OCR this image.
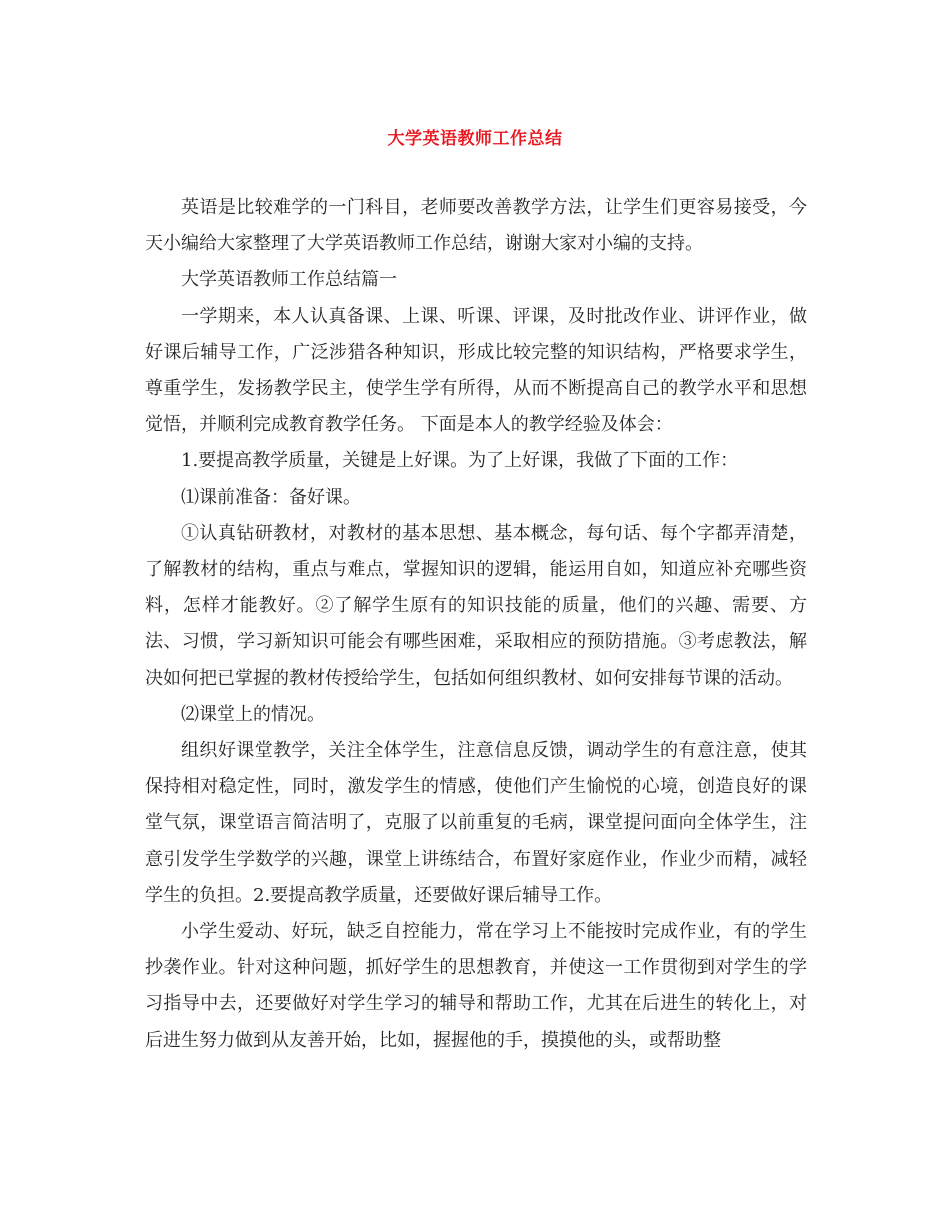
大学英语教师工作总结

英语是比较难学的一门科目，老师要改善教学方法，让学生们更容易接受，今天小编给大家整理了大学英语教师工作总结，谢谢大家对小编的支持。

大学英语教师工作总结篇一

一学期来，本人认真备课、上课、听课、评课，及时批改作业、讲评作业，做好课后辅导工作，广泛涉猎各种知识，形成比较完整的知识结构，严格要求学生，尊重学生，发扬教学民主，使学生学有所得，从而不断提高自己的教学水平和思想觉悟，并顺利完成教育教学任务。 下面是本人的教学经验及体会：

1.要提高教学质量，关键是上好课。为了上好课，我做了下面的工作：

⑴课前准备：备好课。

①认真钻研教材，对教材的基本思想、基本概念，每句话、每个字都弄清楚，了解教材的结构，重点与难点，掌握知识的逻辑，能运用自如，知道应补充哪些资料，怎样才能教好。②了解学生原有的知识技能的质量，他们的兴趣、需要、方法、习惯，学习新知识可能会有哪些困难，采取相应的预防措施。③考虑教法，解决如何把已掌握的教材传授给学生，包括如何组织教材、如何安排每节课的活动。

⑵课堂上的情况。

组织好课堂教学，关注全体学生，注意信息反馈，调动学生的有意注意，使其保持相对稳定性，同时，激发学生的情感，使他们产生愉悦的心境，创造良好的课堂气氛，课堂语言简洁明了，克服了以前重复的毛病，课堂提问面向全体学生，注意引发学生学数学的兴趣，课堂上讲练结合，布置好家庭作业，作业少而精，减轻学生的负担。2.要提高教学质量，还要做好课后辅导工作。

小学生爱动、好玩，缺乏自控能力，常在学习上不能按时完成作业，有的学生抄袭作业。针对这种问题，抓好学生的思想教育，并使这一工作贯彻到对学生的学习指导中去，还要做好对学生学习的辅导和帮助工作，尤其在后进生的转化上，对后进生努力做到从友善开始，比如，握握他的手，摸摸他的头，或帮助整
